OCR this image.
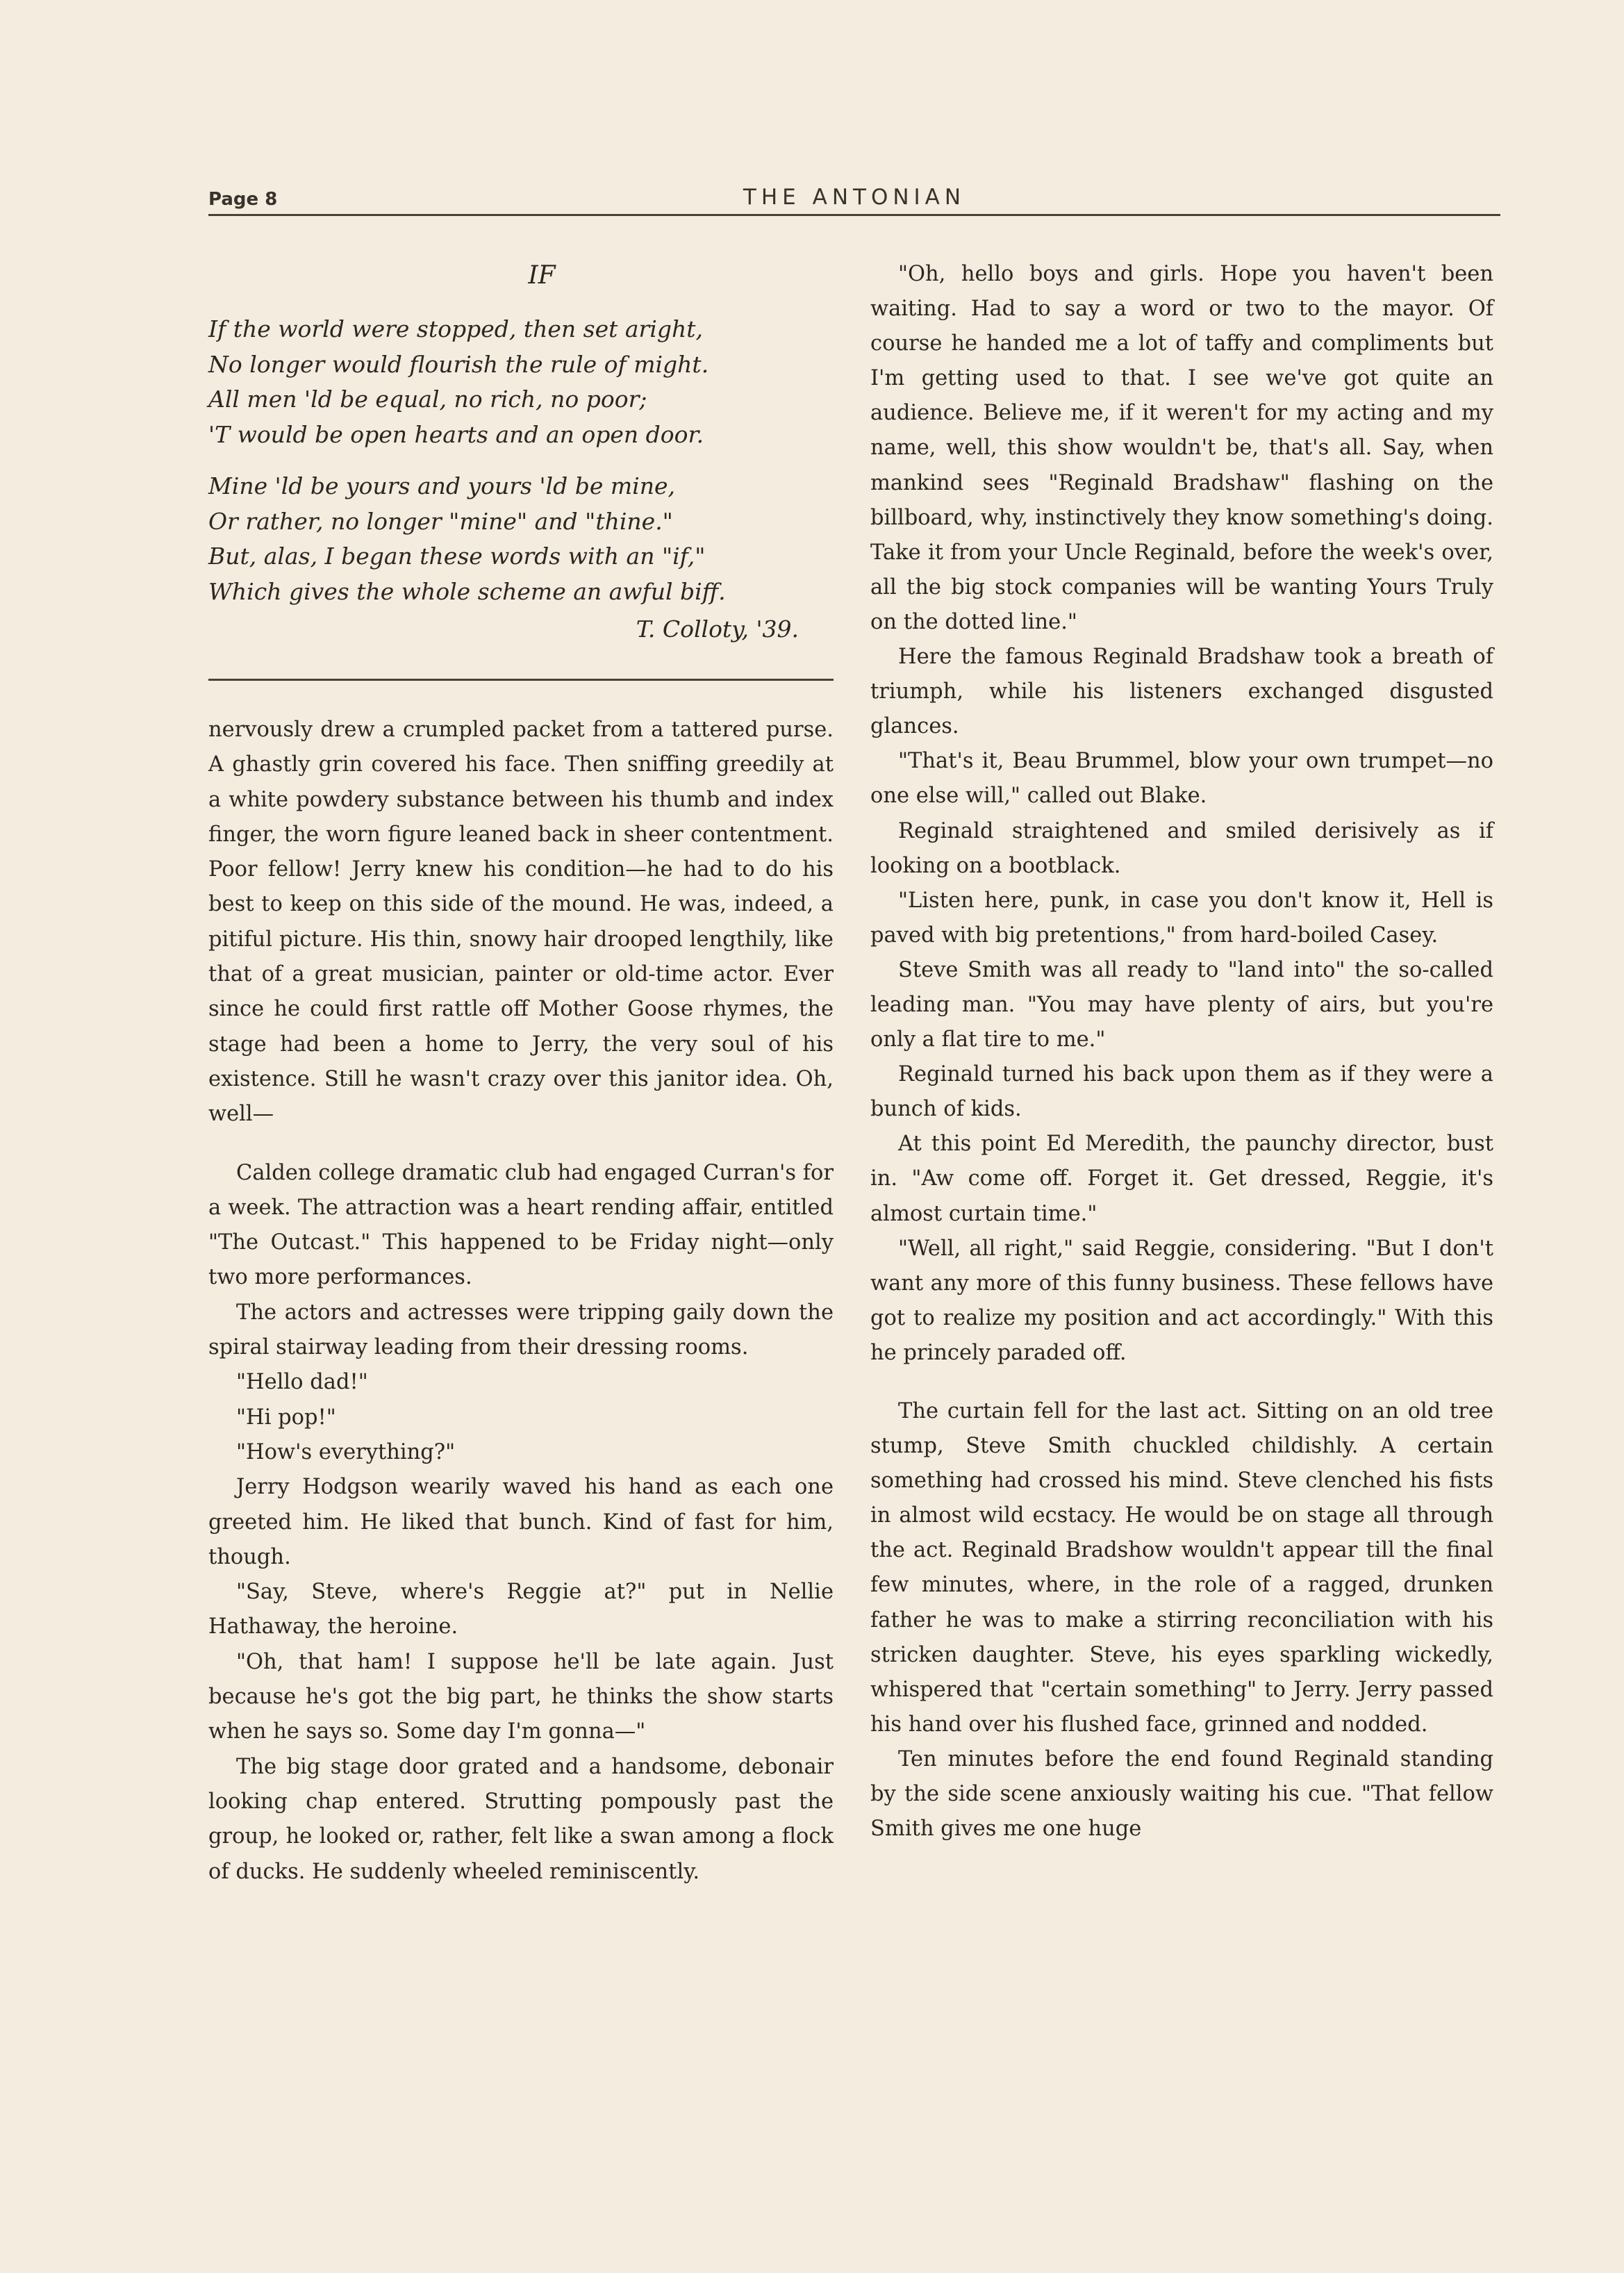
Page 8	THE ANTONIAN
IF
If the world were stopped, then set aright,
No longer would flourish the rule of might.
All men 'ld be equal, no rich, no poor;
'T would be open hearts and an open door.
Mine 'ld be yours and yours 'ld be mine,
Or rather, no longer "mine" and "thine."
But, alas, I began these words with an "if,"
Which gives the whole scheme an awful biff.
T. Colloty, '39.

nervously drew a crumpled packet from a tattered purse. A ghastly grin covered his face. Then sniffing greedily at a white powdery substance between his thumb and index finger, the worn figure leaned back in sheer contentment. Poor fellow! Jerry knew his condition—he had to do his best to keep on this side of the mound. He was, indeed, a pitiful picture. His thin, snowy hair drooped lengthily, like that of a great musician, painter or old-time actor. Ever since he could first rattle off Mother Goose rhymes, the stage had been a home to Jerry, the very soul of his existence. Still he wasn't crazy over this janitor idea. Oh, well—

Calden college dramatic club had engaged Curran's for a week. The attraction was a heart rending affair, entitled "The Outcast." This happened to be Friday night—only two more performances.

The actors and actresses were tripping gaily down the spiral stairway leading from their dressing rooms.

"Hello dad!"

"Hi pop!"

"How's everything?"

Jerry Hodgson wearily waved his hand as each one greeted him. He liked that bunch. Kind of fast for him, though.

"Say, Steve, where's Reggie at?" put in Nellie Hathaway, the heroine.

"Oh, that ham! I suppose he'll be late again. Just because he's got the big part, he thinks the show starts when he says so. Some day I'm gonna—"

The big stage door grated and a handsome, debonair looking chap entered. Strutting pompously past the group, he looked or, rather, felt like a swan among a flock of ducks. He suddenly wheeled reminiscently.

"Oh, hello boys and girls. Hope you haven't been waiting. Had to say a word or two to the mayor. Of course he handed me a lot of taffy and compliments but I'm getting used to that. I see we've got quite an audience. Believe me, if it weren't for my acting and my name, well, this show wouldn't be, that's all. Say, when mankind sees "Reginald Bradshaw" flashing on the billboard, why, instinctively they know something's doing. Take it from your Uncle Reginald, before the week's over, all the big stock companies will be wanting Yours Truly on the dotted line."

Here the famous Reginald Bradshaw took a breath of triumph, while his listeners exchanged disgusted glances.

"That's it, Beau Brummel, blow your own trumpet—no one else will," called out Blake.

Reginald straightened and smiled derisively as if looking on a bootblack.

"Listen here, punk, in case you don't know it, Hell is paved with big pretentions," from hard-boiled Casey.

Steve Smith was all ready to "land into" the so-called leading man. "You may have plenty of airs, but you're only a flat tire to me."

Reginald turned his back upon them as if they were a bunch of kids.

At this point Ed Meredith, the paunchy director, bust in. "Aw come off. Forget it. Get dressed, Reggie, it's almost curtain time."

"Well, all right," said Reggie, considering. "But I don't want any more of this funny business. These fellows have got to realize my position and act accordingly." With this he princely paraded off.

The curtain fell for the last act. Sitting on an old tree stump, Steve Smith chuckled childishly. A certain something had crossed his mind. Steve clenched his fists in almost wild ecstacy. He would be on stage all through the act. Reginald Bradshow wouldn't appear till the final few minutes, where, in the role of a ragged, drunken father he was to make a stirring reconciliation with his stricken daughter. Steve, his eyes sparkling wickedly, whispered that "certain something" to Jerry. Jerry passed his hand over his flushed face, grinned and nodded.

Ten minutes before the end found Reginald standing by the side scene anxiously waiting his cue. "That fellow Smith gives me one huge
